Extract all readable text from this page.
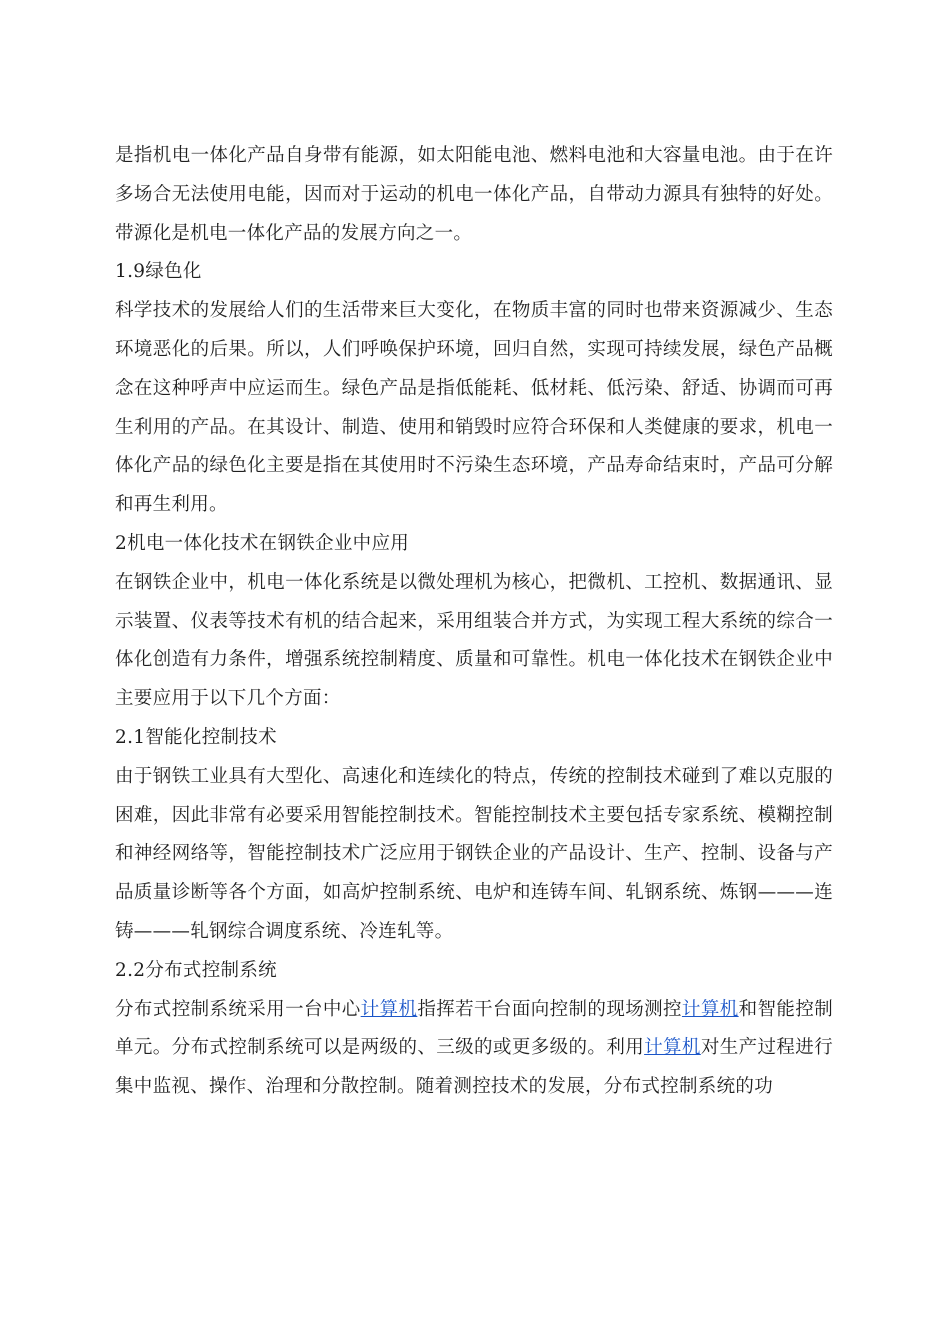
是指机电一体化产品自身带有能源，如太阳能电池、燃料电池和大容量电池。由于在许多场合无法使用电能，因而对于运动的机电一体化产品，自带动力源具有独特的好处。带源化是机电一体化产品的发展方向之一。

1.9绿色化

科学技术的发展给人们的生活带来巨大变化，在物质丰富的同时也带来资源减少、生态环境恶化的后果。所以，人们呼唤保护环境，回归自然，实现可持续发展，绿色产品概念在这种呼声中应运而生。绿色产品是指低能耗、低材耗、低污染、舒适、协调而可再生利用的产品。在其设计、制造、使用和销毁时应符合环保和人类健康的要求，机电一体化产品的绿色化主要是指在其使用时不污染生态环境，产品寿命结束时，产品可分解和再生利用。

2机电一体化技术在钢铁企业中应用

在钢铁企业中，机电一体化系统是以微处理机为核心，把微机、工控机、数据通讯、显示装置、仪表等技术有机的结合起来，采用组装合并方式，为实现工程大系统的综合一体化创造有力条件，增强系统控制精度、质量和可靠性。机电一体化技术在钢铁企业中主要应用于以下几个方面：

2.1智能化控制技术

由于钢铁工业具有大型化、高速化和连续化的特点，传统的控制技术碰到了难以克服的困难，因此非常有必要采用智能控制技术。智能控制技术主要包括专家系统、模糊控制和神经网络等，智能控制技术广泛应用于钢铁企业的产品设计、生产、控制、设备与产品质量诊断等各个方面，如高炉控制系统、电炉和连铸车间、轧钢系统、炼钢———连铸———轧钢综合调度系统、冷连轧等。

2.2分布式控制系统

分布式控制系统采用一台中心计算机指挥若干台面向控制的现场测控计算机和智能控制单元。分布式控制系统可以是两级的、三级的或更多级的。利用计算机对生产过程进行集中监视、操作、治理和分散控制。随着测控技术的发展，分布式控制系统的功
